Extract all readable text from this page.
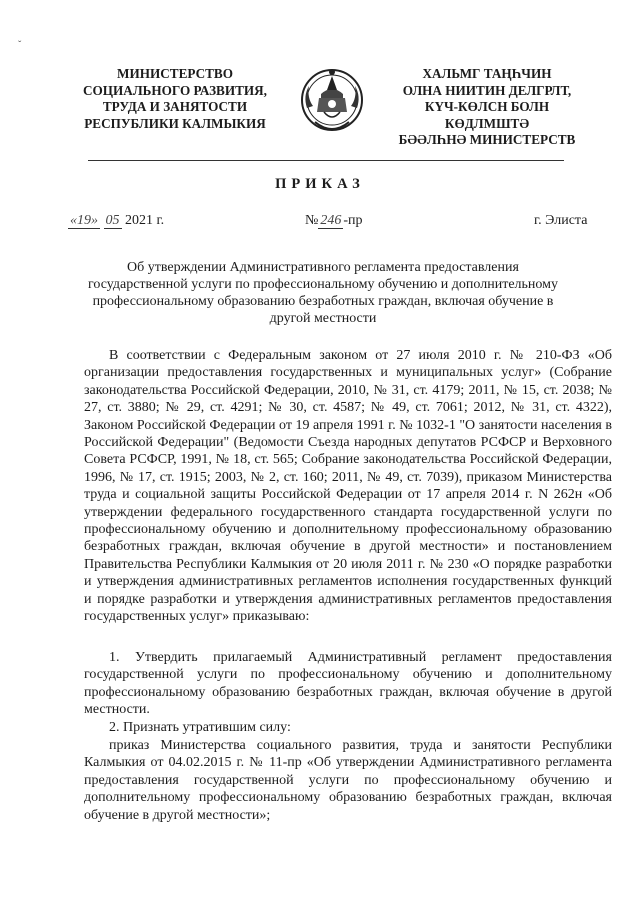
ˇ
МИНИСТЕРСТВО
СОЦИАЛЬНОГО РАЗВИТИЯ,
ТРУДА И ЗАНЯТОСТИ
РЕСПУБЛИКИ КАЛМЫКИЯ
ХАЛЬМГ ТАҢҺЧИН
ОЛНА НИИТИН ДЕЛГРЛТ,
КҮЧ-КӨЛСН БОЛН
КӨДЛМШТӘ
БӘӘЛҺНӘ МИНИСТЕРСТВ
ПРИКАЗ
«19» 05 2021 г.	№ 246 -пр	г. Элиста
Об утверждении Административного регламента предоставления государственной услуги по профессиональному обучению и дополнительному профессиональному образованию безработных граждан, включая обучение в другой местности

В соответствии с Федеральным законом от 27 июля 2010 г. № 210-ФЗ «Об организации предоставления государственных и муниципальных услуг» (Собрание законодательства Российской Федерации, 2010, № 31, ст. 4179; 2011, № 15, ст. 2038; № 27, ст. 3880; № 29, ст. 4291; № 30, ст. 4587; № 49, ст. 7061; 2012, № 31, ст. 4322), Законом Российской Федерации от 19 апреля 1991 г. № 1032-1 "О занятости населения в Российской Федерации" (Ведомости Съезда народных депутатов РСФСР и Верховного Совета РСФСР, 1991, № 18, ст. 565; Собрание законодательства Российской Федерации, 1996, № 17, ст. 1915; 2003, № 2, ст. 160; 2011, № 49, ст. 7039), приказом Министерства труда и социальной защиты Российской Федерации от 17 апреля 2014 г. N 262н «Об утверждении федерального государственного стандарта государственной услуги по профессиональному обучению и дополнительному профессиональному образованию безработных граждан, включая обучение в другой местности» и постановлением Правительства Республики Калмыкия от 20 июля 2011 г. № 230 «О порядке разработки и утверждения административных регламентов исполнения государственных функций и порядке разработки и утверждения административных регламентов предоставления государственных услуг» приказываю:

1. Утвердить прилагаемый Административный регламент предоставления государственной услуги по профессиональному обучению и дополнительному профессиональному образованию безработных граждан, включая обучение в другой местности.

2. Признать утратившим силу:

приказ Министерства социального развития, труда и занятости Республики Калмыкия от 04.02.2015 г. № 11-пр «Об утверждении Административного регламента предоставления государственной услуги по профессиональному обучению и дополнительному профессиональному образованию безработных граждан, включая обучение в другой местности»;
